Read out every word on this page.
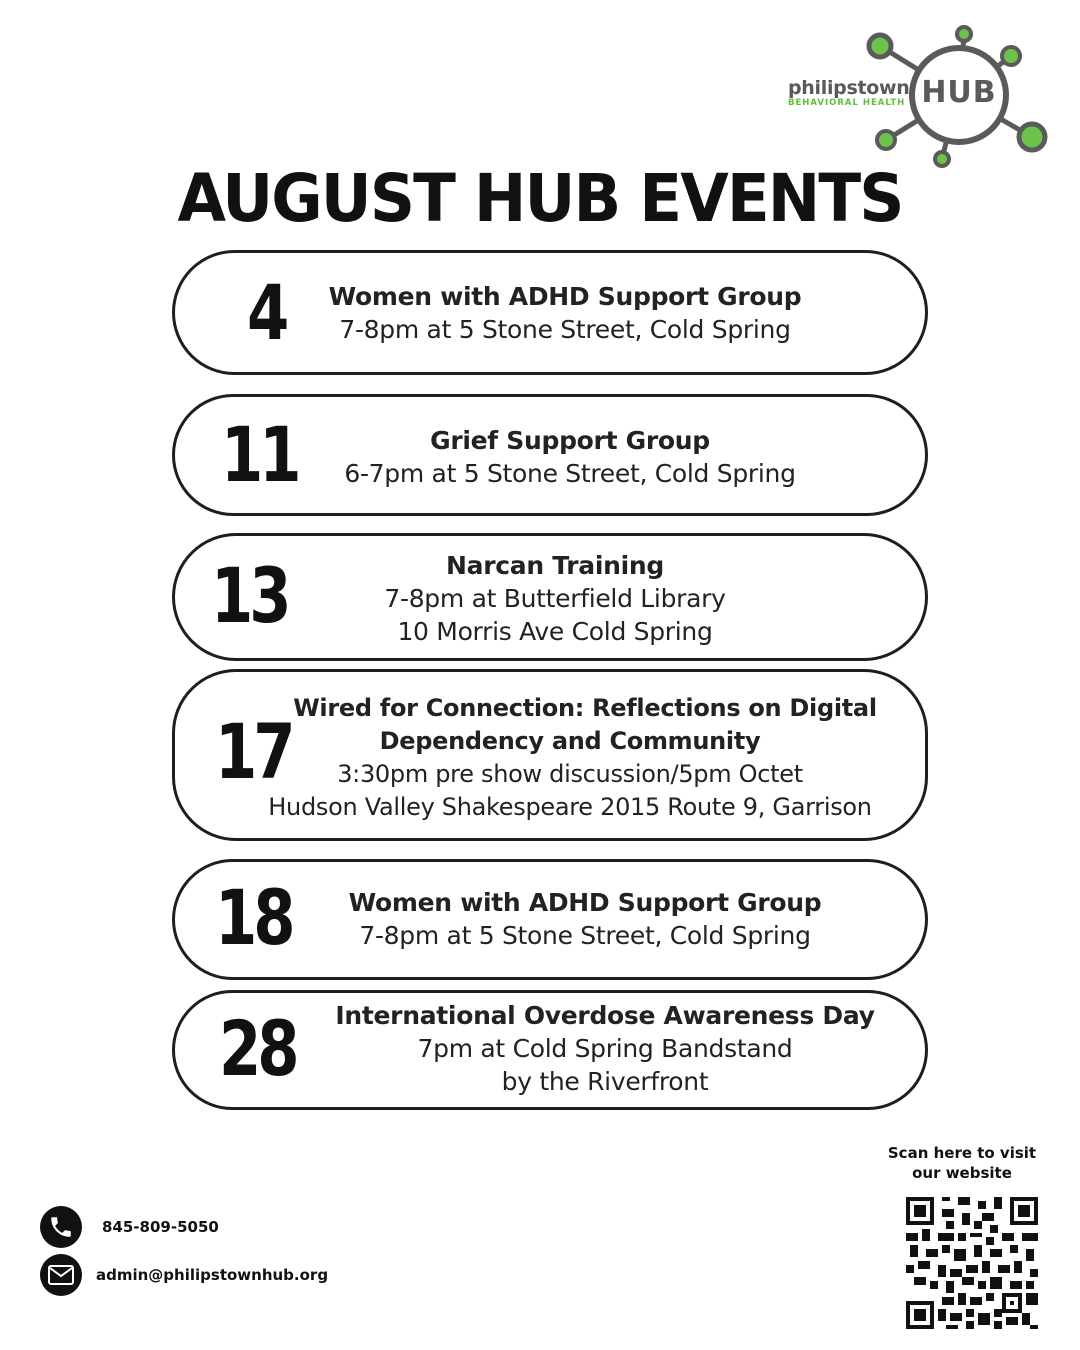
HUB
philipstown
BEHAVIORAL HEALTH
AUGUST HUB EVENTS
4	Women with ADHD Support Group
7-8pm at 5 Stone Street, Cold Spring
11	Grief Support Group
6-7pm at 5 Stone Street, Cold Spring
13	Narcan Training
7-8pm at Butterfield Library
10 Morris Ave Cold Spring
17 Wired for Connection: Reflections on Digital
Dependency and Community
3:30pm pre show discussion/5pm Octet
Hudson Valley Shakespeare 2015 Route 9, Garrison
18	Women with ADHD Support Group
7-8pm at 5 Stone Street, Cold Spring
28	International Overdose Awareness Day
7pm at Cold Spring Bandstand
by the Riverfront
Scan here to visit our website
845-809-5050
admin@philipstownhub.org
